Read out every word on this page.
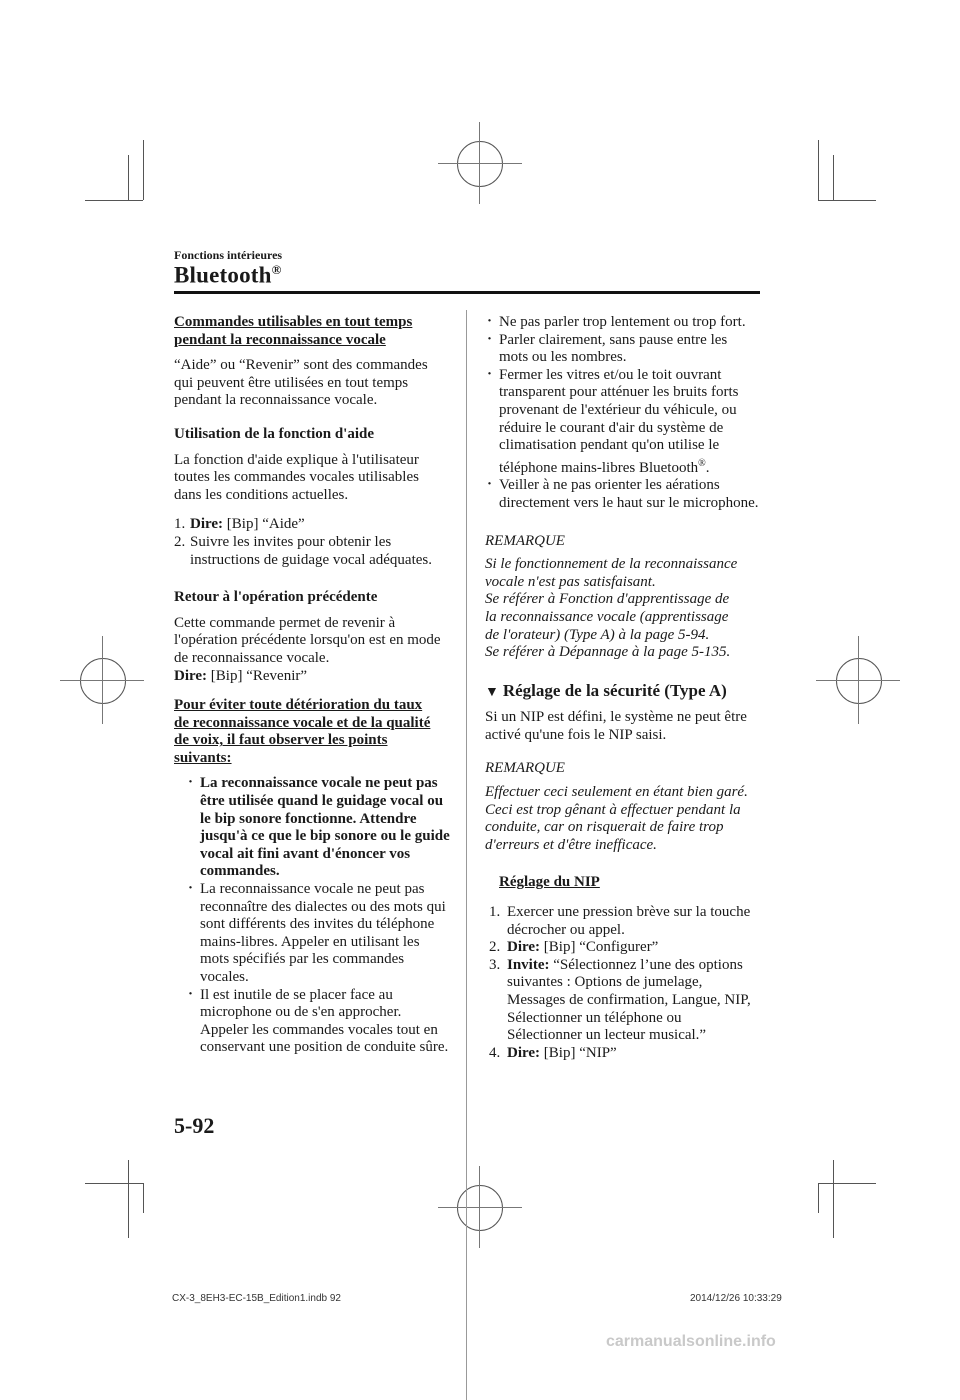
Fonctions intérieures
Bluetooth®

Commandes utilisables en tout temps
pendant la reconnaissance vocale

“Aide” ou “Revenir” sont des commandes qui peuvent être utilisées en tout temps pendant la reconnaissance vocale.

Utilisation de la fonction d'aide

La fonction d'aide explique à l'utilisateur toutes les commandes vocales utilisables dans les conditions actuelles.

1. Dire: [Bip] “Aide”

2. Suivre les invites pour obtenir les instructions de guidage vocal adéquates.

Retour à l'opération précédente

Cette commande permet de revenir à l'opération précédente lorsqu'on est en mode de reconnaissance vocale.

Dire: [Bip] “Revenir”

Pour éviter toute détérioration du taux
de reconnaissance vocale et de la qualité
de voix, il faut observer les points
suivants:

· La reconnaissance vocale ne peut pas être utilisée quand le guidage vocal ou le bip sonore fonctionne. Attendre jusqu'à ce que le bip sonore ou le guide vocal ait fini avant d'énoncer vos commandes.

· La reconnaissance vocale ne peut pas reconnaître des dialectes ou des mots qui sont différents des invites du téléphone mains-libres. Appeler en utilisant les mots spécifiés par les commandes vocales.

· Il est inutile de se placer face au microphone ou de s'en approcher. Appeler les commandes vocales tout en conservant une position de conduite sûre.

· Ne pas parler trop lentement ou trop fort.

· Parler clairement, sans pause entre les mots ou les nombres.

· Fermer les vitres et/ou le toit ouvrant transparent pour atténuer les bruits forts provenant de l'extérieur du véhicule, ou réduire le courant d'air du système de climatisation pendant qu'on utilise le téléphone mains-libres Bluetooth®.

· Veiller à ne pas orienter les aérations directement vers le haut sur le microphone.

REMARQUE

Si le fonctionnement de la reconnaissance

vocale n'est pas satisfaisant.

Se référer à Fonction d'apprentissage de

la reconnaissance vocale (apprentissage

de l'orateur) (Type A) à la page 5-94.

Se référer à Dépannage à la page 5-135.

▼ Réglage de la sécurité (Type A)

Si un NIP est défini, le système ne peut être activé qu'une fois le NIP saisi.

REMARQUE

Effectuer ceci seulement en étant bien garé. Ceci est trop gênant à effectuer pendant la conduite, car on risquerait de faire trop d'erreurs et d'être inefficace.

Réglage du NIP

1. Exercer une pression brève sur la touche décrocher ou appel.

2. Dire: [Bip] “Configurer”

3. Invite: “Sélectionnez l’une des options suivantes : Options de jumelage, Messages de confirmation, Langue, NIP, Sélectionner un téléphone ou Sélectionner un lecteur musical.”

4. Dire: [Bip] “NIP”

5-92
CX-3_8EH3-EC-15B_Edition1.indb 92	2014/12/26 10:33:29
carmanualsonline.info
